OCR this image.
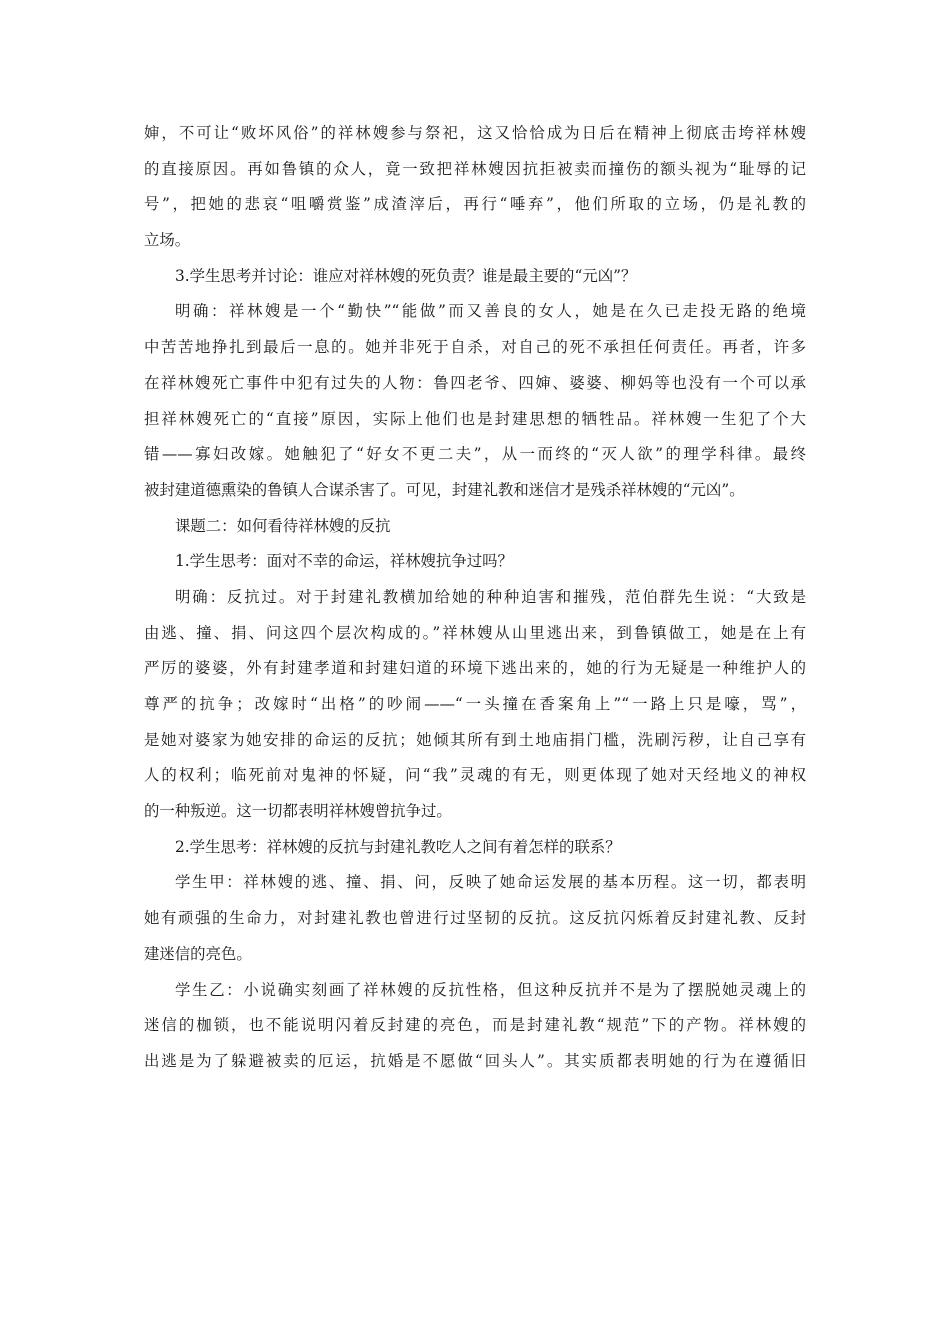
婶，不可让“败坏风俗”的祥林嫂参与祭祀，这又恰恰成为日后在精神上彻底击垮祥林嫂
的直接原因。再如鲁镇的众人，竟一致把祥林嫂因抗拒被卖而撞伤的额头视为“耻辱的记
号”，把她的悲哀“咀嚼赏鉴”成渣滓后，再行“唾弃”，他们所取的立场，仍是礼教的
立场。
3.学生思考并讨论：谁应对祥林嫂的死负责？谁是最主要的“元凶”？
明确：祥林嫂是一个“勤快”“能做”而又善良的女人，她是在久已走投无路的绝境
中苦苦地挣扎到最后一息的。她并非死于自杀，对自己的死不承担任何责任。再者，许多
在祥林嫂死亡事件中犯有过失的人物：鲁四老爷、四婶、婆婆、柳妈等也没有一个可以承
担祥林嫂死亡的“直接”原因，实际上他们也是封建思想的牺牲品。祥林嫂一生犯了个大
错——寡妇改嫁。她触犯了“好女不更二夫”，从一而终的“灭人欲”的理学科律。最终
被封建道德熏染的鲁镇人合谋杀害了。可见，封建礼教和迷信才是残杀祥林嫂的“元凶”。
课题二：如何看待祥林嫂的反抗
1.学生思考：面对不幸的命运，祥林嫂抗争过吗？
明确：反抗过。对于封建礼教横加给她的种种迫害和摧残，范伯群先生说：“大致是
由逃、撞、捐、问这四个层次构成的。”祥林嫂从山里逃出来，到鲁镇做工，她是在上有
严厉的婆婆，外有封建孝道和封建妇道的环境下逃出来的，她的行为无疑是一种维护人的
尊严的抗争；改嫁时“出格”的吵闹——“一头撞在香案角上”“一路上只是嚎，骂”，
是她对婆家为她安排的命运的反抗；她倾其所有到土地庙捐门槛，洗刷污秽，让自己享有
人的权利；临死前对鬼神的怀疑，问“我”灵魂的有无，则更体现了她对天经地义的神权
的一种叛逆。这一切都表明祥林嫂曾抗争过。
2.学生思考：祥林嫂的反抗与封建礼教吃人之间有着怎样的联系？
学生甲：祥林嫂的逃、撞、捐、问，反映了她命运发展的基本历程。这一切，都表明
她有顽强的生命力，对封建礼教也曾进行过坚韧的反抗。这反抗闪烁着反封建礼教、反封
建迷信的亮色。
学生乙：小说确实刻画了祥林嫂的反抗性格，但这种反抗并不是为了摆脱她灵魂上的
迷信的枷锁，也不能说明闪着反封建的亮色，而是封建礼教“规范”下的产物。祥林嫂的
出逃是为了躲避被卖的厄运，抗婚是不愿做“回头人”。其实质都表明她的行为在遵循旧
